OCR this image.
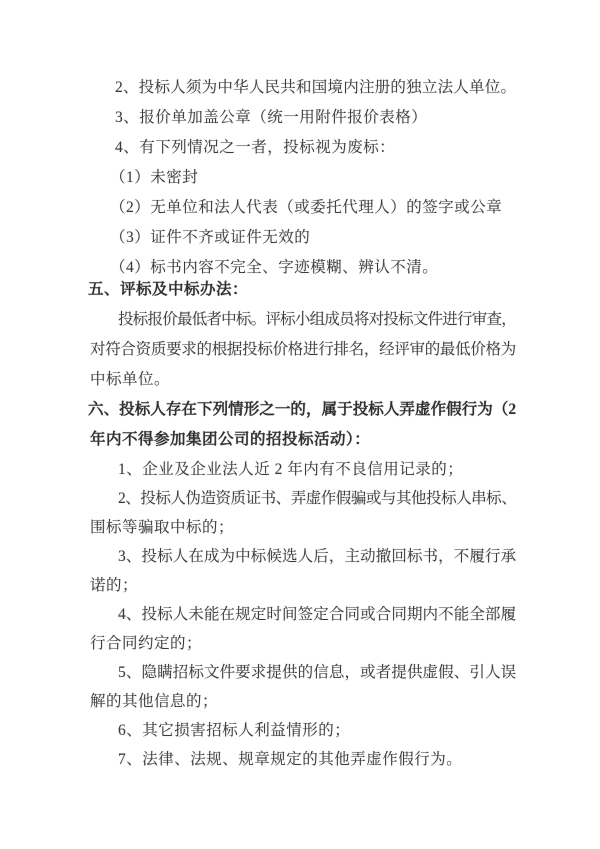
2、投标人须为中华人民共和国境内注册的独立法人单位。
3、报价单加盖公章（统一用附件报价表格）
4、有下列情况之一者，投标视为废标：
（1）未密封
（2）无单位和法人代表（或委托代理人）的签字或公章
（3）证件不齐或证件无效的
（4）标书内容不完全、字迹模糊、辨认不清。
五、评标及中标办法：
投标报价最低者中标。评标小组成员将对投标文件进行审查，
对符合资质要求的根据投标价格进行排名，经评审的最低价格为
中标单位。
六、投标人存在下列情形之一的，属于投标人弄虚作假行为（2
年内不得参加集团公司的招投标活动）：
1、企业及企业法人近 2 年内有不良信用记录的；
2、投标人伪造资质证书、弄虚作假骗或与其他投标人串标、
围标等骗取中标的；
3、投标人在成为中标候选人后，主动撤回标书，不履行承
诺的；
4、投标人未能在规定时间签定合同或合同期内不能全部履
行合同约定的；
5、隐瞒招标文件要求提供的信息，或者提供虚假、引人误
解的其他信息的；
6、其它损害招标人利益情形的；
7、法律、法规、规章规定的其他弄虚作假行为。
